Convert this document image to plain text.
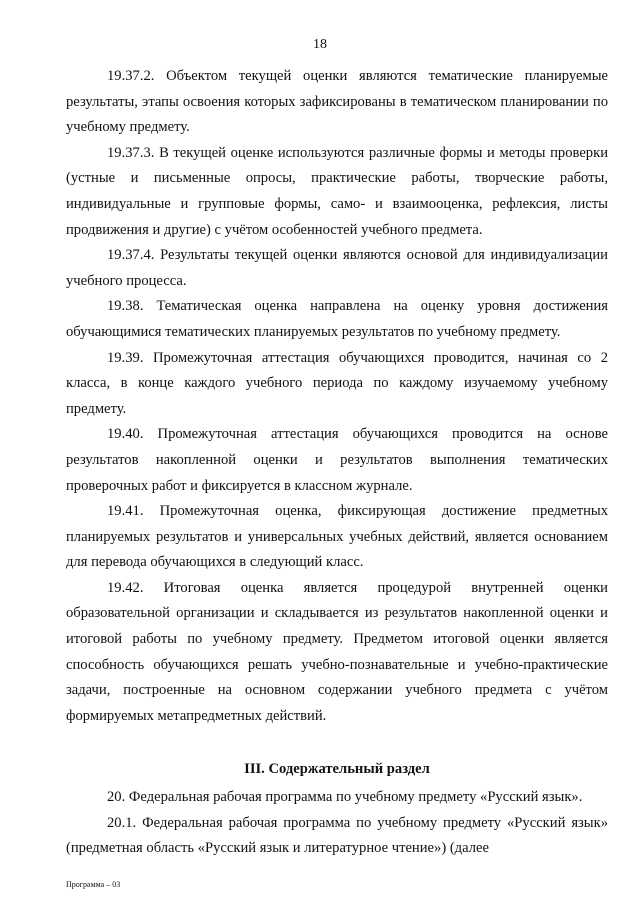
18

19.37.2. Объектом текущей оценки являются тематические планируемые результаты, этапы освоения которых зафиксированы в тематическом планировании по учебному предмету.

19.37.3. В текущей оценке используются различные формы и методы проверки (устные и письменные опросы, практические работы, творческие работы, индивидуальные и групповые формы, само- и взаимооценка, рефлексия, листы продвижения и другие) с учётом особенностей учебного предмета.

19.37.4. Результаты текущей оценки являются основой для индивидуализации учебного процесса.

19.38. Тематическая оценка направлена на оценку уровня достижения обучающимися тематических планируемых результатов по учебному предмету.

19.39. Промежуточная аттестация обучающихся проводится, начиная со 2 класса, в конце каждого учебного периода по каждому изучаемому учебному предмету.

19.40. Промежуточная аттестация обучающихся проводится на основе результатов накопленной оценки и результатов выполнения тематических проверочных работ и фиксируется в классном журнале.

19.41. Промежуточная оценка, фиксирующая достижение предметных планируемых результатов и универсальных учебных действий, является основанием для перевода обучающихся в следующий класс.

19.42. Итоговая оценка является процедурой внутренней оценки образовательной организации и складывается из результатов накопленной оценки и итоговой работы по учебному предмету. Предметом итоговой оценки является способность обучающихся решать учебно-познавательные и учебно-практические задачи, построенные на основном содержании учебного предмета с учётом формируемых метапредметных действий.

III. Содержательный раздел

20. Федеральная рабочая программа по учебному предмету «Русский язык».

20.1. Федеральная рабочая программа по учебному предмету «Русский язык» (предметная область «Русский язык и литературное чтение») (далее

Программа – 03
